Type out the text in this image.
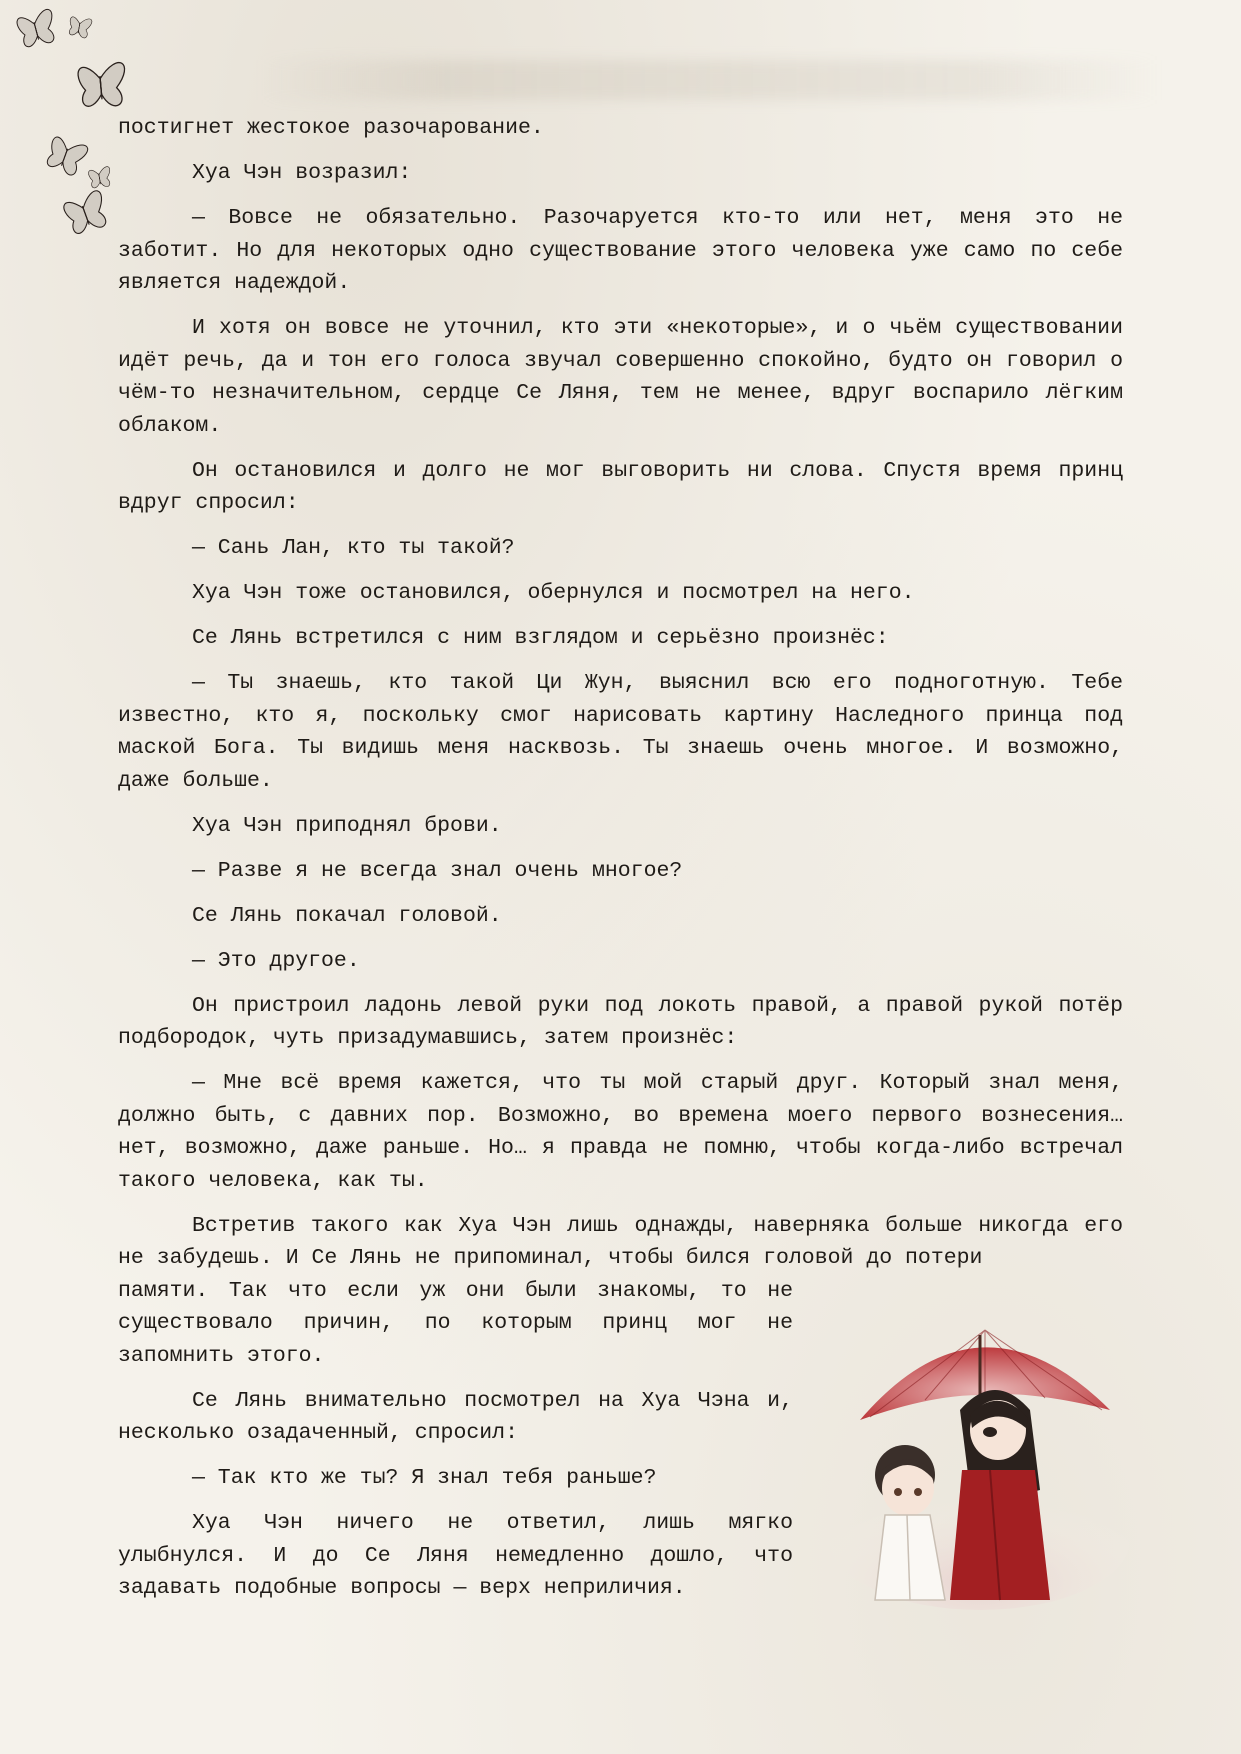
постигнет жестокое разочарование.

Хуа Чэн возразил:

— Вовсе не обязательно. Разочаруется кто-то или нет, меня это не заботит. Но для некоторых одно существование этого человека уже само по себе является надеждой.

И хотя он вовсе не уточнил, кто эти «некоторые», и о чьём существовании идёт речь, да и тон его голоса звучал совершенно спокойно, будто он говорил о чём-то незначительном, сердце Се Ляня, тем не менее, вдруг воспарило лёгким облаком.

Он остановился и долго не мог выговорить ни слова. Спустя время принц вдруг спросил:

— Сань Лан, кто ты такой?

Хуа Чэн тоже остановился, обернулся и посмотрел на него.

Се Лянь встретился с ним взглядом и серьёзно произнёс:

— Ты знаешь, кто такой Ци Жун, выяснил всю его подноготную. Тебе известно, кто я, поскольку смог нарисовать картину Наследного принца под маской Бога. Ты видишь меня насквозь. Ты знаешь очень многое. И возможно, даже больше.

Хуа Чэн приподнял брови.

— Разве я не всегда знал очень многое?

Се Лянь покачал головой.

— Это другое.

Он пристроил ладонь левой руки под локоть правой, а правой рукой потёр подбородок, чуть призадумавшись, затем произнёс:

— Мне всё время кажется, что ты мой старый друг. Который знал меня, должно быть, с давних пор. Возможно, во времена моего первого вознесения… нет, возможно, даже раньше. Но… я правда не помню, чтобы когда-либо встречал такого человека, как ты.

Встретив такого как Хуа Чэн лишь однажды, наверняка больше никогда его не забудешь. И Се Лянь не припоминал, чтобы бился головой до потери

памяти. Так что если уж они были знакомы, то не существовало причин, по которым принц мог не запомнить этого.

Се Лянь внимательно посмотрел на Хуа Чэна и, несколько озадаченный, спросил:

— Так кто же ты? Я знал тебя раньше?

Хуа Чэн ничего не ответил, лишь мягко улыбнулся. И до Се Ляня немедленно дошло, что задавать подобные вопросы — верх неприличия.
